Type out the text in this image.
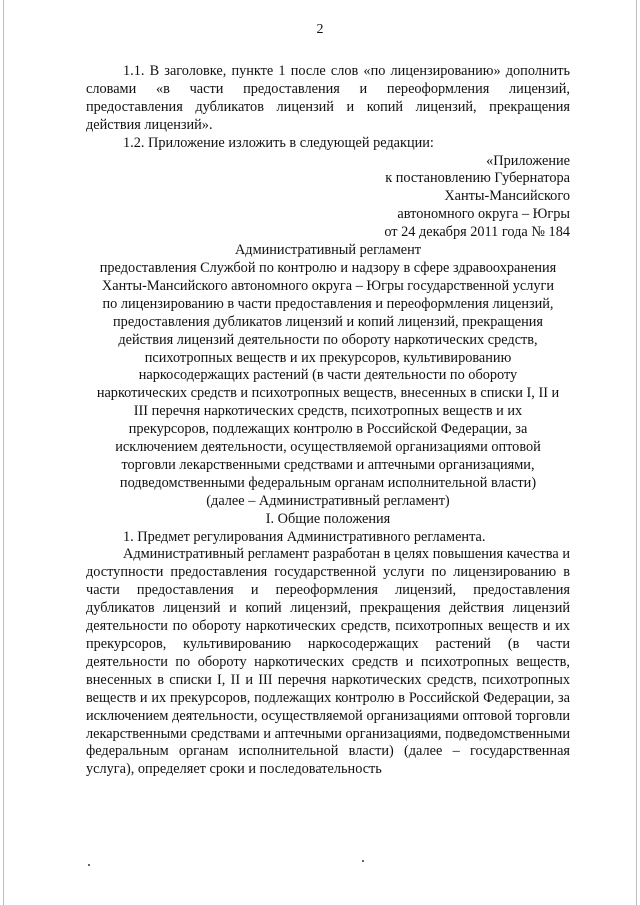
2

1.1. В заголовке, пункте 1 после слов «по лицензированию» дополнить словами «в части предоставления и переоформления лицензий, предоставления дубликатов лицензий и копий лицензий, прекращения действия лицензий».

1.2. Приложение изложить в следующей редакции:

«Приложение
к постановлению Губернатора
Ханты-Мансийского
автономного округа – Югры
от 24 декабря 2011 года № 184

Административный регламент

предоставления Службой по контролю и надзору в сфере здравоохранения
Ханты-Мансийского автономного округа – Югры государственной услуги
по лицензированию в части предоставления и переоформления лицензий,
предоставления дубликатов лицензий и копий лицензий, прекращения
действия лицензий деятельности по обороту наркотических средств,
психотропных веществ и их прекурсоров, культивированию
наркосодержащих растений (в части деятельности по обороту
наркотических средств и психотропных веществ, внесенных в списки I, II и
III перечня наркотических средств, психотропных веществ и их
прекурсоров, подлежащих контролю в Российской Федерации, за
исключением деятельности, осуществляемой организациями оптовой
торговли лекарственными средствами и аптечными организациями,
подведомственными федеральным органам исполнительной власти)
(далее – Административный регламент)

I. Общие положения

1. Предмет регулирования Административного регламента.

Административный регламент разработан в целях повышения качества и доступности предоставления государственной услуги по лицензированию в части предоставления и переоформления лицензий, предоставления дубликатов лицензий и копий лицензий, прекращения действия лицензий деятельности по обороту наркотических средств, психотропных веществ и их прекурсоров, культивированию наркосодержащих растений (в части деятельности по обороту наркотических средств и психотропных веществ, внесенных в списки I, II и III перечня наркотических средств, психотропных веществ и их прекурсоров, подлежащих контролю в Российской Федерации, за исключением деятельности, осуществляемой организациями оптовой торговли лекарственными средствами и аптечными организациями, подведомственными федеральным органам исполнительной власти) (далее – государственная услуга), определяет сроки и последовательность
